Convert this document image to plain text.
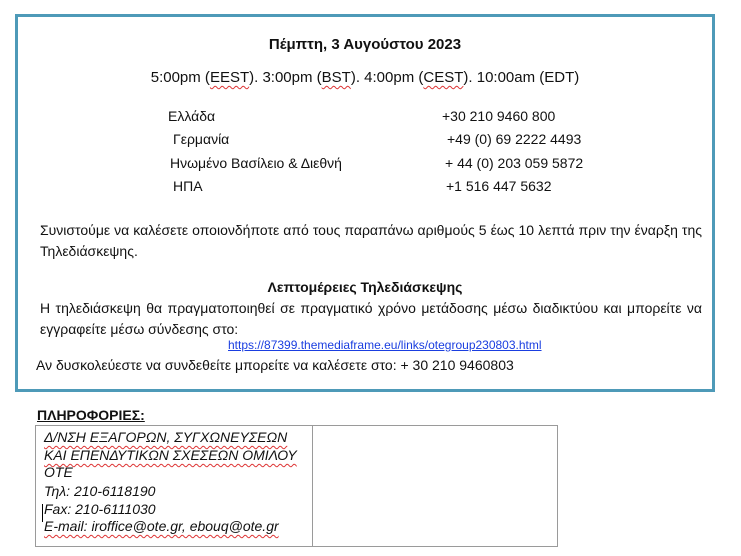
Πέμπτη, 3 Αυγούστου 2023
5:00pm (EEST). 3:00pm (BST). 4:00pm (CEST). 10:00am (EDT)
Ελλάδα	+30 210 9460 800
Γερμανία	+49 (0) 69 2222 4493
Ηνωμένο Βασίλειο & Διεθνή	+ 44 (0) 203 059 5872
ΗΠΑ	+1 516 447 5632
Συνιστούμε να καλέσετε οποιονδήποτε από τους παραπάνω αριθμούς 5 έως 10 λεπτά πριν την έναρξη της Τηλεδιάσκεψης.
Λεπτομέρειες Τηλεδιάσκεψης
Η τηλεδιάσκεψη θα πραγματοποιηθεί σε πραγματικό χρόνο μετάδοσης μέσω διαδικτύου και μπορείτε να εγγραφείτε μέσω σύνδεσης στο:
https://87399.themediaframe.eu/links/otegroup230803.html
Αν δυσκολεύεστε να συνδεθείτε μπορείτε να καλέσετε στο: + 30 210 9460803
ΠΛΗΡΟΦΟΡΙΕΣ:
Δ/ΝΣΗ ΕΞΑΓΟΡΩΝ, ΣΥΓΧΩΝΕΥΣΕΩΝ
ΚΑΙ ΕΠΕΝΔΥΤΙΚΩΝ ΣΧΕΣΕΩΝ ΟΜΙΛΟΥ
ΟΤΕ
Τηλ: 210-6118190
Fax: 210-6111030
E-mail: iroffice@ote.gr, ebouq@ote.gr
